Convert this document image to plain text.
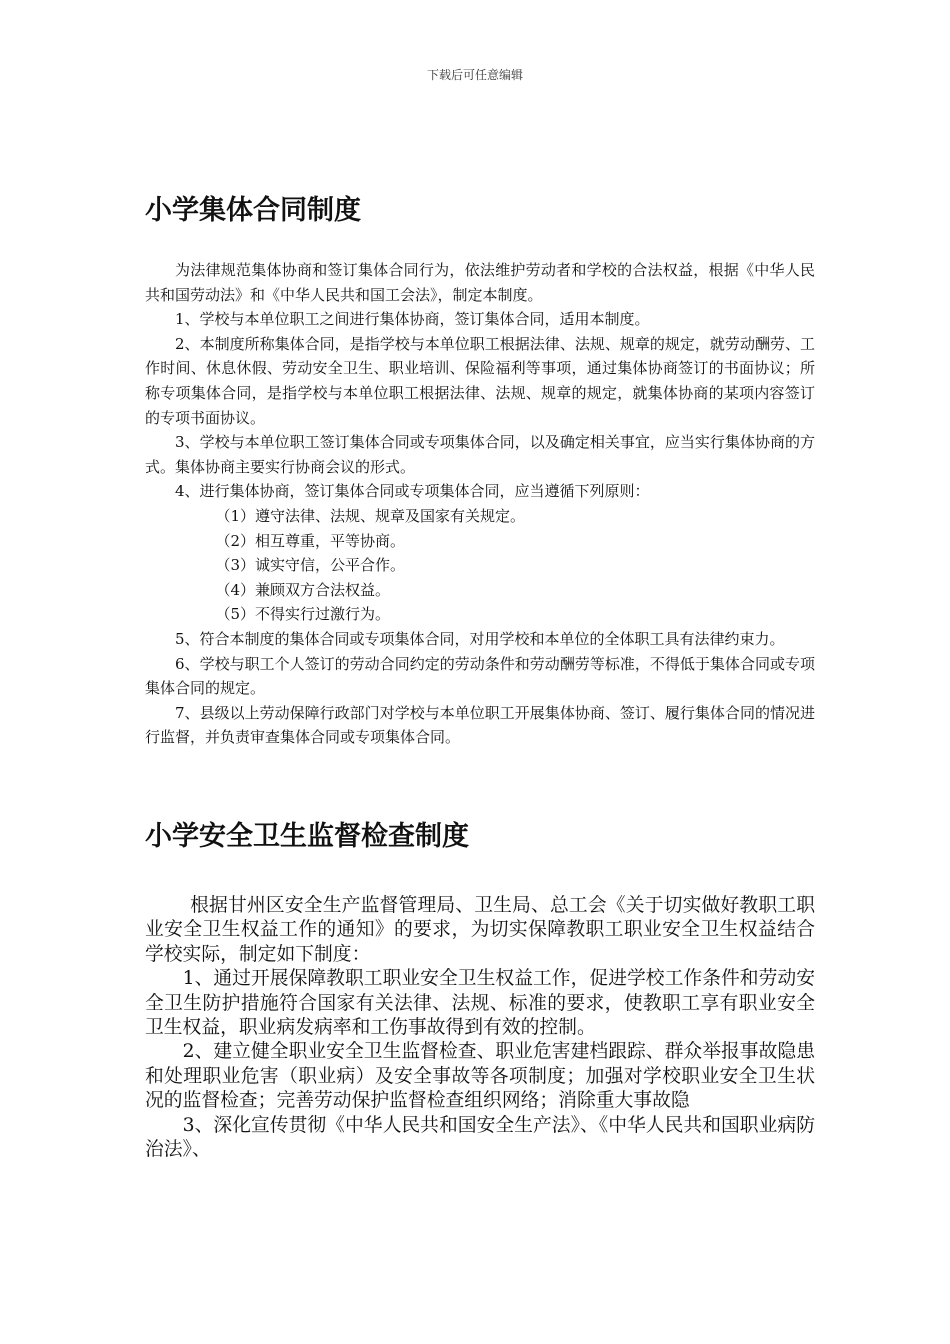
下载后可任意编辑
小学集体合同制度

为法律规范集体协商和签订集体合同行为，依法维护劳动者和学校的合法权益，根据《中华人民共和国劳动法》和《中华人民共和国工会法》，制定本制度。

1、学校与本单位职工之间进行集体协商，签订集体合同，适用本制度。

2、本制度所称集体合同，是指学校与本单位职工根据法律、法规、规章的规定，就劳动酬劳、工作时间、休息休假、劳动安全卫生、职业培训、保险福利等事项，通过集体协商签订的书面协议；所称专项集体合同，是指学校与本单位职工根据法律、法规、规章的规定，就集体协商的某项内容签订的专项书面协议。

3、学校与本单位职工签订集体合同或专项集体合同，以及确定相关事宜，应当实行集体协商的方式。集体协商主要实行协商会议的形式。

4、进行集体协商，签订集体合同或专项集体合同，应当遵循下列原则：

（1）遵守法律、法规、规章及国家有关规定。

（2）相互尊重，平等协商。

（3）诚实守信，公平合作。

（4）兼顾双方合法权益。

（5）不得实行过激行为。

5、符合本制度的集体合同或专项集体合同，对用学校和本单位的全体职工具有法律约束力。

6、学校与职工个人签订的劳动合同约定的劳动条件和劳动酬劳等标准，不得低于集体合同或专项集体合同的规定。

7、县级以上劳动保障行政部门对学校与本单位职工开展集体协商、签订、履行集体合同的情况进行监督，并负责审查集体合同或专项集体合同。

小学安全卫生监督检查制度

根据甘州区安全生产监督管理局、卫生局、总工会《关于切实做好教职工职业安全卫生权益工作的通知》的要求，为切实保障教职工职业安全卫生权益结合学校实际，制定如下制度：

1、通过开展保障教职工职业安全卫生权益工作，促进学校工作条件和劳动安全卫生防护措施符合国家有关法律、法规、标准的要求，使教职工享有职业安全卫生权益，职业病发病率和工伤事故得到有效的控制。

2、建立健全职业安全卫生监督检查、职业危害建档跟踪、群众举报事故隐患和处理职业危害（职业病）及安全事故等各项制度；加强对学校职业安全卫生状况的监督检查；完善劳动保护监督检查组织网络；消除重大事故隐

3、深化宣传贯彻《中华人民共和国安全生产法》、《中华人民共和国职业病防治法》、
